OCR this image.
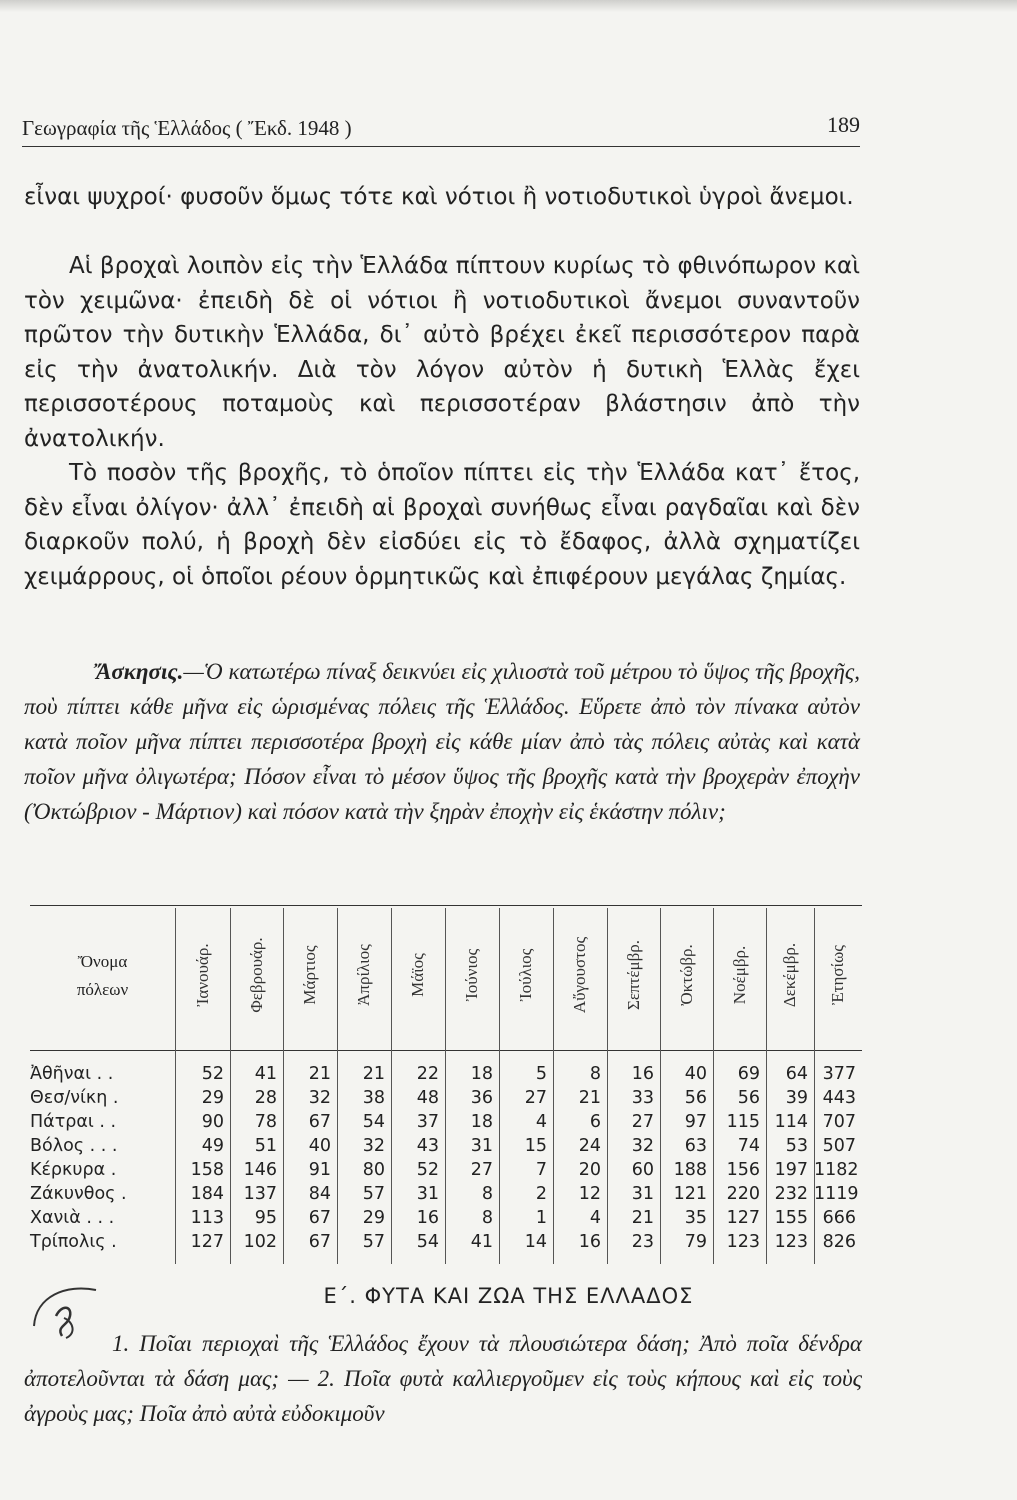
Γεωγραφία τῆς Ἑλλάδος ( Ἔκδ. 1948 )	189
εἶναι ψυχροί· φυσοῦν ὅμως τότε καὶ νότιοι ἢ νοτιοδυτικοὶ ὑγροὶ ἄνεμοι.
Αἱ βροχαὶ λοιπὸν εἰς τὴν Ἑλλάδα πίπτουν κυρίως τὸ φθινόπωρον καὶ τὸν χειμῶνα· ἐπειδὴ δὲ οἱ νότιοι ἢ νοτιοδυτικοὶ ἄνεμοι συναντοῦν πρῶτον τὴν δυτικὴν Ἑλλάδα, δι᾽ αὐτὸ βρέχει ἐκεῖ περισσότερον παρὰ εἰς τὴν ἀνατολικήν. Διὰ τὸν λόγον αὐτὸν ἡ δυτικὴ Ἑλλὰς ἔχει περισσοτέρους ποταμοὺς καὶ περισσοτέραν βλάστησιν ἀπὸ τὴν ἀνατολικήν.
Τὸ ποσὸν τῆς βροχῆς, τὸ ὁποῖον πίπτει εἰς τὴν Ἑλλάδα κατ᾽ ἔτος, δὲν εἶναι ὀλίγον· ἀλλ᾽ ἐπειδὴ αἱ βροχαὶ συνήθως εἶναι ραγδαῖαι καὶ δὲν διαρκοῦν πολύ, ἡ βροχὴ δὲν εἰσδύει εἰς τὸ ἔδαφος, ἀλλὰ σχηματίζει χειμάρρους, οἱ ὁποῖοι ρέουν ὁρμητικῶς καὶ ἐπιφέρουν μεγάλας ζημίας.
Ἄσκησις.—Ὁ κατωτέρω πίναξ δεικνύει εἰς χιλιοστὰ τοῦ μέτρου τὸ ὕψος τῆς βροχῆς, ποὺ πίπτει κάθε μῆνα εἰς ὡρισμένας πόλεις τῆς Ἑλλάδος. Εὕρετε ἀπὸ τὸν πίνακα αὐτὸν κατὰ ποῖον μῆνα πίπτει περισσοτέρα βροχὴ εἰς κάθε μίαν ἀπὸ τὰς πόλεις αὐτὰς καὶ κατὰ ποῖον μῆνα ὀλιγωτέρα; Πόσον εἶναι τὸ μέσον ὕψος τῆς βροχῆς κατὰ τὴν βροχερὰν ἐποχὴν (Ὀκτώβριον - Μάρτιον) καὶ πόσον κατὰ τὴν ξηρὰν ἐποχὴν εἰς ἑκάστην πόλιν;
Ὄνομα
πόλεων	Ἰανουάρ. Φεβρουάρ. Μάρτιος Ἀπρίλιος Μάϊος Ἰούνιος Ἰούλιος Αὔγουστος Σεπτέμβρ. Ὀκτώβρ. Νοέμβρ. Δεκέμβρ. Ἐτησίως
Ἀθῆναι . .	52	41	21	21	22	18	5	8	16	40	69	64 377
Θεσ/νίκη .	29	28	32	38	48	36	27	21	33	56	56	39 443
Πάτραι . .	90	78	67	54	37	18	4	6	27	97	115 114 707
Βόλος . . .	49	51	40	32	43	31	15	24	32	63	74	53 507
Κέρκυρα .	158	146	91	80	52	27	7	20	60	188	156 197 1182
Ζάκυνθος .	184	137	84	57	31	8	2	12	31	121	220 232 1119
Χανιὰ . . .	113	95	67	29	16	8	1	4	21	35	127 155 666
Τρίπολις .	127	102	67	57	54	41	14	16	23	79	123 123 826
Ε΄. ΦΥΤΑ ΚΑΙ ΖΩΑ ΤΗΣ ΕΛΛΑΔΟΣ
1. Ποῖαι περιοχαὶ τῆς Ἑλλάδος ἔχουν τὰ πλουσιώτερα δάση; Ἀπὸ ποῖα δένδρα ἀποτελοῦνται τὰ δάση μας; — 2. Ποῖα φυτὰ καλλιεργοῦμεν εἰς τοὺς κήπους καὶ εἰς τοὺς ἀγροὺς μας; Ποῖα ἀπὸ αὐτὰ εὐδοκιμοῦν
